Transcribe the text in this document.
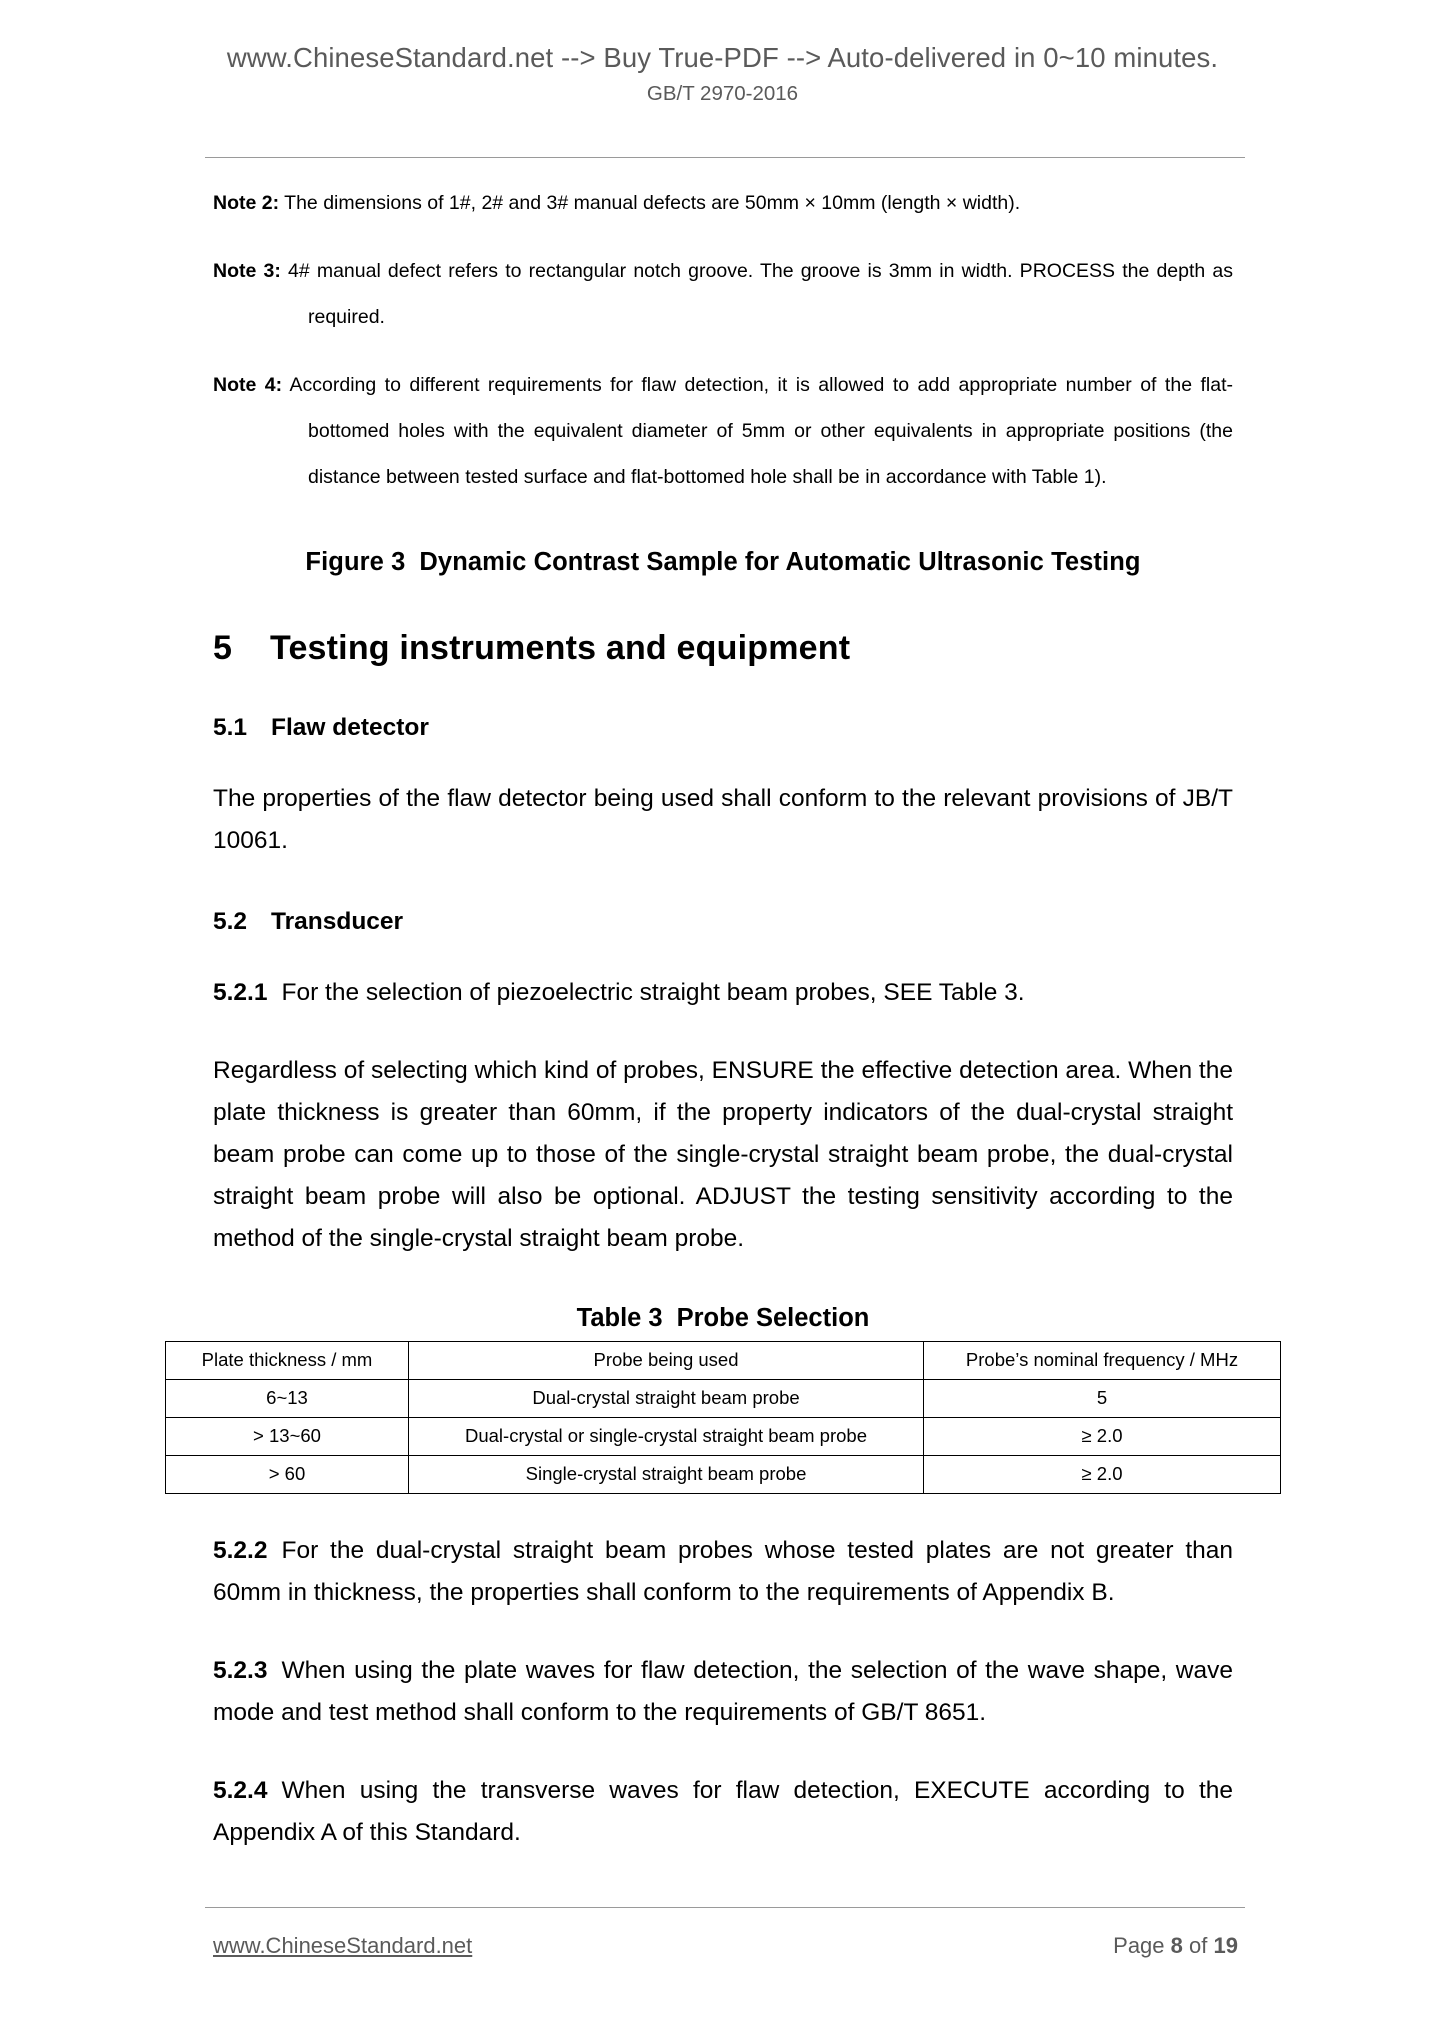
www.ChineseStandard.net --> Buy True-PDF --> Auto-delivered in 0~10 minutes.
GB/T 2970-2016

Note 2: The dimensions of 1#, 2# and 3# manual defects are 50mm × 10mm (length × width).

Note 3: 4# manual defect refers to rectangular notch groove. The groove is 3mm in width. PROCESS the depth as required.

Note 4: According to different requirements for flaw detection, it is allowed to add appropriate number of the flat-bottomed holes with the equivalent diameter of 5mm or other equivalents in appropriate positions (the distance between tested surface and flat-bottomed hole shall be in accordance with Table 1).

Figure 3 Dynamic Contrast Sample for Automatic Ultrasonic Testing
5 Testing instruments and equipment
5.1 Flaw detector

The properties of the flaw detector being used shall conform to the relevant provisions of JB/T 10061.

5.2 Transducer

5.2.1 For the selection of piezoelectric straight beam probes, SEE Table 3.

Regardless of selecting which kind of probes, ENSURE the effective detection area. When the plate thickness is greater than 60mm, if the property indicators of the dual-crystal straight beam probe can come up to those of the single-crystal straight beam probe, the dual-crystal straight beam probe will also be optional. ADJUST the testing sensitivity according to the method of the single-crystal straight beam probe.

Table 3 Probe Selection
Plate thickness / mm	Probe being used	Probe’s nominal frequency / MHz
6~13	Dual-crystal straight beam probe	5
> 13~60	Dual-crystal or single-crystal straight beam probe	≥ 2.0
> 60	Single-crystal straight beam probe	≥ 2.0

5.2.2 For the dual-crystal straight beam probes whose tested plates are not greater than 60mm in thickness, the properties shall conform to the requirements of Appendix B.

5.2.3 When using the plate waves for flaw detection, the selection of the wave shape, wave mode and test method shall conform to the requirements of GB/T 8651.

5.2.4 When using the transverse waves for flaw detection, EXECUTE according to the Appendix A of this Standard.

www.ChineseStandard.net	Page 8 of 19
